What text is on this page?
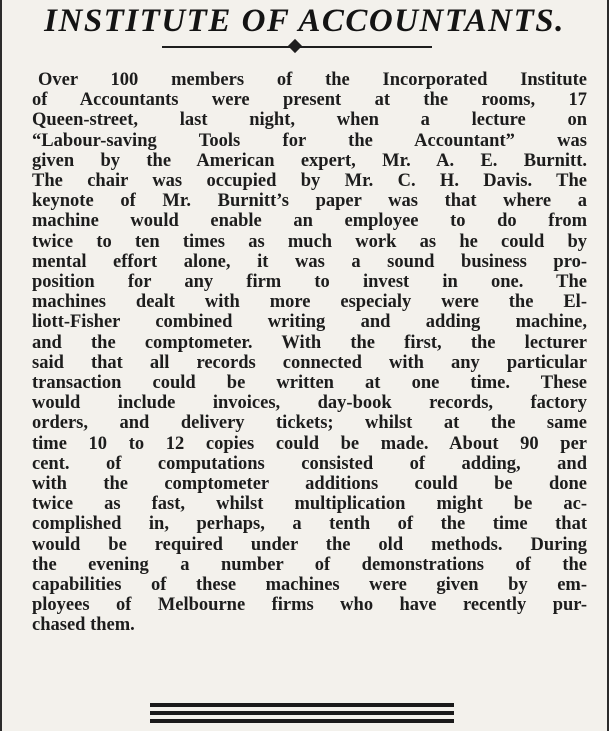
INSTITUTE OF ACCOUNTANTS.
Over 100 members of the Incorporated Institute
of Accountants were present at the rooms, 17
Queen-street, last night, when a lecture on
“Labour-saving Tools for the Accountant” was
given by the American expert, Mr. A. E. Burnitt.
The chair was occupied by Mr. C. H. Davis. The
keynote of Mr. Burnitt’s paper was that where a
machine would enable an employee to do from
twice to ten times as much work as he could by
mental effort alone, it was a sound business pro-
position for any firm to invest in one. The
machines dealt with more especialy were the El-
liott-Fisher combined writing and adding machine,
and the comptometer. With the first, the lecturer
said that all records connected with any particular
transaction could be written at one time. These
would include invoices, day-book records, factory
orders, and delivery tickets; whilst at the same
time 10 to 12 copies could be made. About 90 per
cent. of computations consisted of adding, and
with the comptometer additions could be done
twice as fast, whilst multiplication might be ac-
complished in, perhaps, a tenth of the time that
would be required under the old methods. During
the evening a number of demonstrations of the
capabilities of these machines were given by em-
ployees of Melbourne firms who have recently pur-
chased them.
